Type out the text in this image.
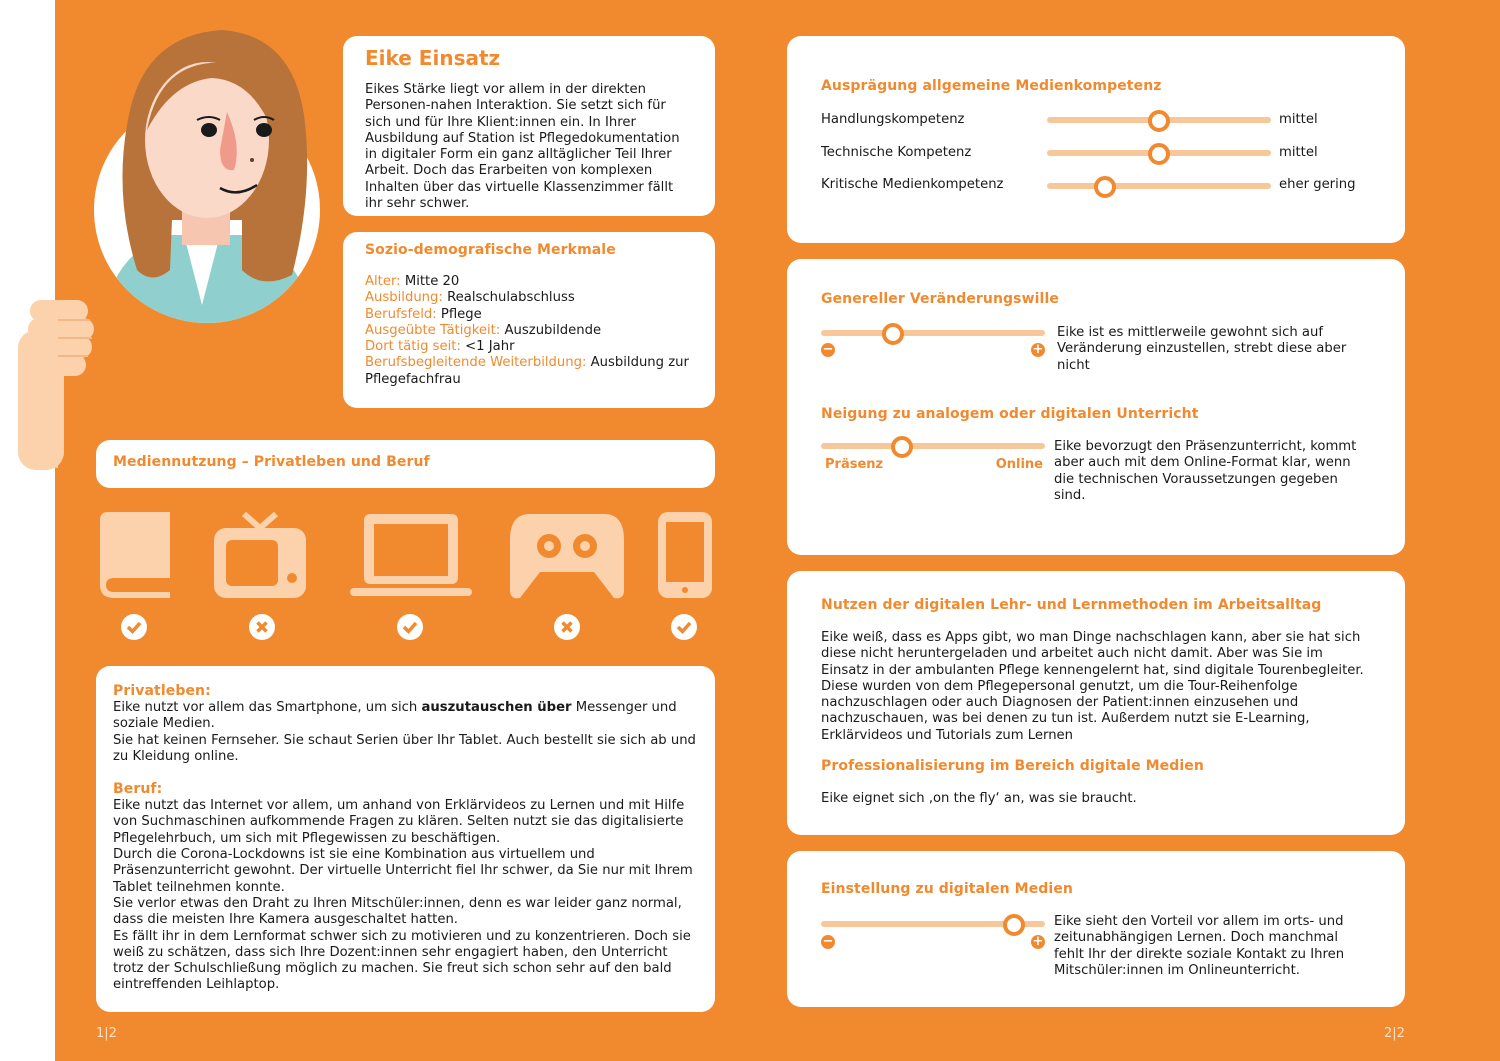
Eike Einsatz

Eikes Stärke liegt vor allem in der direkten Personen-nahen Interaktion. Sie setzt sich für sich und für Ihre Klient:innen ein. In Ihrer Ausbildung auf Station ist Pflegedokumentation in digitaler Form ein ganz alltäglicher Teil Ihrer Arbeit. Doch das Erarbeiten von komplexen Inhalten über das virtuelle Klassenzimmer fällt ihr sehr schwer.

Sozio-demografische Merkmale
Alter: Mitte 20
Ausbildung: Realschulabschluss
Berufsfeld: Pflege
Ausgeübte Tätigkeit: Auszubildende
Dort tätig seit: <1 Jahr
Berufsbegleitende Weiterbildung: Ausbildung zur Pflegefachfrau
Mediennutzung – Privatleben und Beruf
Privatleben:

Eike nutzt vor allem das Smartphone, um sich auszutauschen über Messenger und soziale Medien.

Sie hat keinen Fernseher. Sie schaut Serien über Ihr Tablet. Auch bestellt sie sich ab und zu Kleidung online.

Beruf:

Eike nutzt das Internet vor allem, um anhand von Erklärvideos zu Lernen und mit Hilfe von Suchmaschinen aufkommende Fragen zu klären. Selten nutzt sie das digitalisierte Pflegelehrbuch, um sich mit Pflegewissen zu beschäftigen.

Durch die Corona-Lockdowns ist sie eine Kombination aus virtuellem und Präsenzunterricht gewohnt. Der virtuelle Unterricht fiel Ihr schwer, da Sie nur mit Ihrem Tablet teilnehmen konnte.

Sie verlor etwas den Draht zu Ihren Mitschüler:innen, denn es war leider ganz normal, dass die meisten Ihre Kamera ausgeschaltet hatten.

Es fällt ihr in dem Lernformat schwer sich zu motivieren und zu konzentrieren. Doch sie weiß zu schätzen, dass sich Ihre Dozent:innen sehr engagiert haben, den Unterricht trotz der Schulschließung möglich zu machen. Sie freut sich schon sehr auf den bald eintreffenden Leihlaptop.

Ausprägung allgemeine Medienkompetenz
Handlungskompetenz	mittel
Technische Kompetenz	mittel
Kritische Medienkompetenz	eher gering
Genereller Veränderungswille
−	+

Eike ist es mittlerweile gewohnt sich auf Veränderung einzustellen, strebt diese aber nicht

Neigung zu analogem oder digitalen Unterricht
Präsenz	Online

Eike bevorzugt den Präsenzunterricht, kommt aber auch mit dem Online-Format klar, wenn die technischen Voraussetzungen gegeben sind.

Nutzen der digitalen Lehr- und Lernmethoden im Arbeitsalltag

Eike weiß, dass es Apps gibt, wo man Dinge nachschlagen kann, aber sie hat sich diese nicht heruntergeladen und arbeitet auch nicht damit. Aber was Sie im Einsatz in der ambulanten Pflege kennengelernt hat, sind digitale Tourenbegleiter. Diese wurden von dem Pflegepersonal genutzt, um die Tour-Reihenfolge nachzuschlagen oder auch Diagnosen der Patient:innen einzusehen und nachzuschauen, was bei denen zu tun ist. Außerdem nutzt sie E-Learning, Erklärvideos und Tutorials zum Lernen

Professionalisierung im Bereich digitale Medien

Eike eignet sich ‚on the fly‘ an, was sie braucht.

Einstellung zu digitalen Medien
−	+

Eike sieht den Vorteil vor allem im orts- und zeitunabhängigen Lernen. Doch manchmal fehlt Ihr der direkte soziale Kontakt zu Ihren Mitschüler:innen im Onlineunterricht.

1|2	2|2
